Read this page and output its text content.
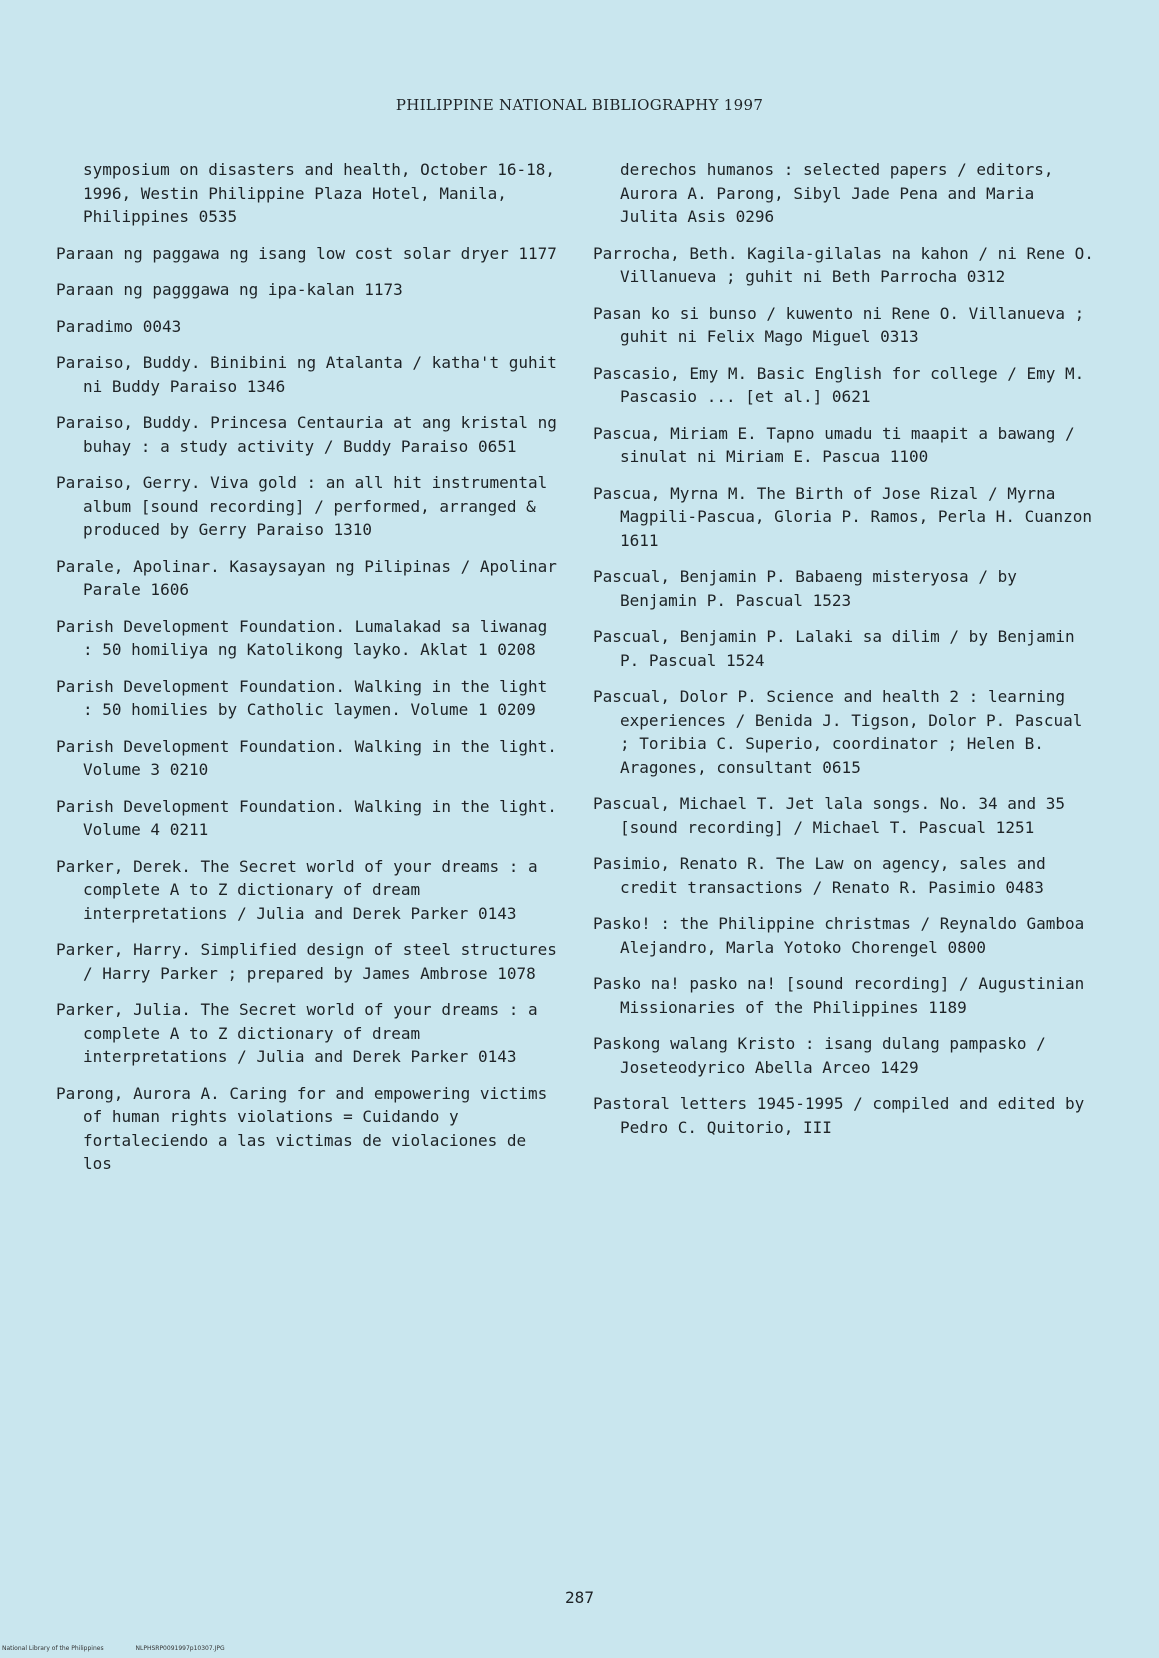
PHILIPPINE NATIONAL BIBLIOGRAPHY 1997

symposium on disasters and health, October 16-18, 1996, Westin Philippine Plaza Hotel, Manila, Philippines 0535

Paraan ng paggawa ng isang low cost solar dryer 1177

Paraan ng pagggawa ng ipa-kalan 1173

Paradimo 0043

Paraiso, Buddy. Binibini ng Atalanta / katha't guhit ni Buddy Paraiso 1346

Paraiso, Buddy. Princesa Centauria at ang kristal ng buhay : a study activity / Buddy Paraiso 0651

Paraiso, Gerry. Viva gold : an all hit instrumental album [sound recording] / performed, arranged & produced by Gerry Paraiso 1310

Parale, Apolinar. Kasaysayan ng Pilipinas / Apolinar Parale 1606

Parish Development Foundation. Lumalakad sa liwanag : 50 homiliya ng Katolikong layko. Aklat 1 0208

Parish Development Foundation. Walking in the light : 50 homilies by Catholic laymen. Volume 1 0209

Parish Development Foundation. Walking in the light. Volume 3 0210

Parish Development Foundation. Walking in the light. Volume 4 0211

Parker, Derek. The Secret world of your dreams : a complete A to Z dictionary of dream interpretations / Julia and Derek Parker 0143

Parker, Harry. Simplified design of steel structures / Harry Parker ; prepared by James Ambrose 1078

Parker, Julia. The Secret world of your dreams : a complete A to Z dictionary of dream interpretations / Julia and Derek Parker 0143

Parong, Aurora A. Caring for and empowering victims of human rights violations = Cuidando y fortaleciendo a las victimas de violaciones de los

derechos humanos : selected papers / editors, Aurora A. Parong, Sibyl Jade Pena and Maria Julita Asis 0296

Parrocha, Beth. Kagila-gilalas na kahon / ni Rene O. Villanueva ; guhit ni Beth Parrocha 0312

Pasan ko si bunso / kuwento ni Rene O. Villanueva ; guhit ni Felix Mago Miguel 0313

Pascasio, Emy M. Basic English for college / Emy M. Pascasio ... [et al.] 0621

Pascua, Miriam E. Tapno umadu ti maapit a bawang / sinulat ni Miriam E. Pascua 1100

Pascua, Myrna M. The Birth of Jose Rizal / Myrna Magpili-Pascua, Gloria P. Ramos, Perla H. Cuanzon 1611

Pascual, Benjamin P. Babaeng misteryosa / by Benjamin P. Pascual 1523

Pascual, Benjamin P. Lalaki sa dilim / by Benjamin P. Pascual 1524

Pascual, Dolor P. Science and health 2 : learning experiences / Benida J. Tigson, Dolor P. Pascual ; Toribia C. Superio, coordinator ; Helen B. Aragones, consultant 0615

Pascual, Michael T. Jet lala songs. No. 34 and 35 [sound recording] / Michael T. Pascual 1251

Pasimio, Renato R. The Law on agency, sales and credit transactions / Renato R. Pasimio 0483

Pasko! : the Philippine christmas / Reynaldo Gamboa Alejandro, Marla Yotoko Chorengel 0800

Pasko na! pasko na! [sound recording] / Augustinian Missionaries of the Philippines 1189

Paskong walang Kristo : isang dulang pampasko / Joseteodyrico Abella Arceo 1429

Pastoral letters 1945-1995 / compiled and edited by Pedro C. Quitorio, III

287
National Library of the Philippines	NLPHSRP0091997p10307.JPG
